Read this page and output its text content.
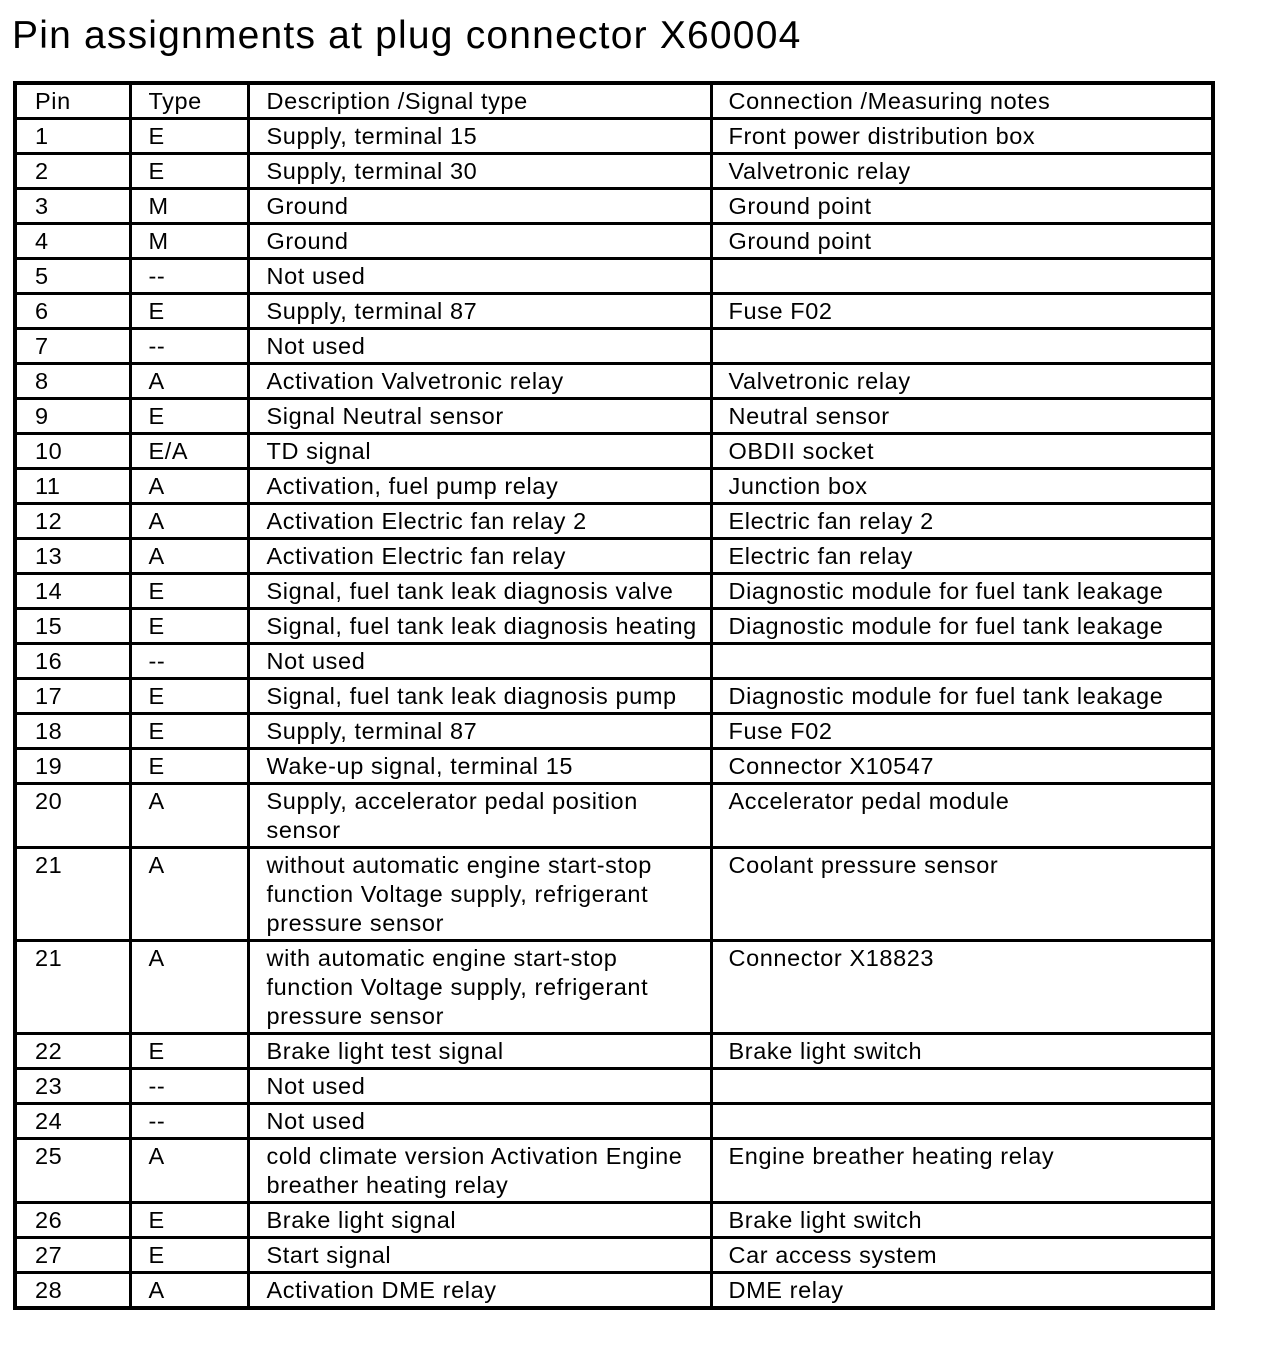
Pin assignments at plug connector X60004
Pin	Type	Description /Signal type	Connection /Measuring notes
1	E	Supply, terminal 15	Front power distribution box
2	E	Supply, terminal 30	Valvetronic relay
3	M	Ground	Ground point
4	M	Ground	Ground point
5	--	Not used	
6	E	Supply, terminal 87	Fuse F02
7	--	Not used	
8	A	Activation Valvetronic relay	Valvetronic relay
9	E	Signal Neutral sensor	Neutral sensor
10	E/A	TD signal	OBDII socket
11	A	Activation, fuel pump relay	Junction box
12	A	Activation Electric fan relay 2	Electric fan relay 2
13	A	Activation Electric fan relay	Electric fan relay
14	E	Signal, fuel tank leak diagnosis valve	Diagnostic module for fuel tank leakage
15	E	Signal, fuel tank leak diagnosis heating	Diagnostic module for fuel tank leakage
16	--	Not used	
17	E	Signal, fuel tank leak diagnosis pump	Diagnostic module for fuel tank leakage
18	E	Supply, terminal 87	Fuse F02
19	E	Wake-up signal, terminal 15	Connector X10547
20	A	Supply, accelerator pedal position sensor	Accelerator pedal module
21	A	without automatic engine start-stop function Voltage supply, refrigerant pressure sensor	Coolant pressure sensor
21	A	with automatic engine start-stop function Voltage supply, refrigerant pressure sensor	Connector X18823
22	E	Brake light test signal	Brake light switch
23	--	Not used	
24	--	Not used	
25	A	cold climate version Activation Engine breather heating relay	Engine breather heating relay
26	E	Brake light signal	Brake light switch
27	E	Start signal	Car access system
28	A	Activation DME relay	DME relay
